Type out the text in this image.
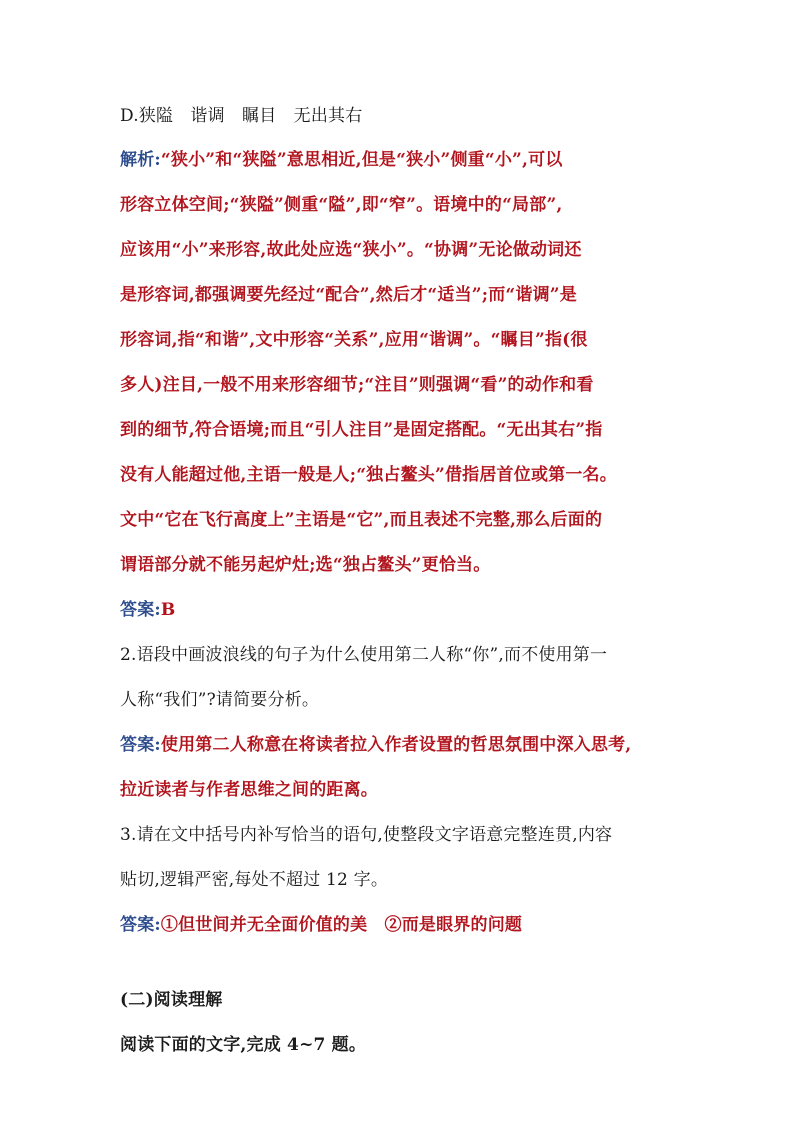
D.狭隘　谐调　瞩目　无出其右
解析:“狭小”和“狭隘”意思相近,但是“狭小”侧重“小”,可以
形容立体空间;“狭隘”侧重“隘”,即“窄”。语境中的“局部”,
应该用“小”来形容,故此处应选“狭小”。“协调”无论做动词还
是形容词,都强调要先经过“配合”,然后才“适当”;而“谐调”是
形容词,指“和谐”,文中形容“关系”,应用“谐调”。“瞩目”指(很
多人)注目,一般不用来形容细节;“注目”则强调“看”的动作和看
到的细节,符合语境;而且“引人注目”是固定搭配。“无出其右”指
没有人能超过他,主语一般是人;“独占鳌头”借指居首位或第一名。
文中“它在飞行高度上”主语是“它”,而且表述不完整,那么后面的
谓语部分就不能另起炉灶;选“独占鳌头”更恰当。
答案:B
2.语段中画波浪线的句子为什么使用第二人称“你”,而不使用第一
人称“我们”?请简要分析。
答案:使用第二人称意在将读者拉入作者设置的哲思氛围中深入思考,
拉近读者与作者思维之间的距离。
3.请在文中括号内补写恰当的语句,使整段文字语意完整连贯,内容
贴切,逻辑严密,每处不超过 12 字。
答案:①但世间并无全面价值的美　②而是眼界的问题
(二)阅读理解
阅读下面的文字,完成 4~7 题。
